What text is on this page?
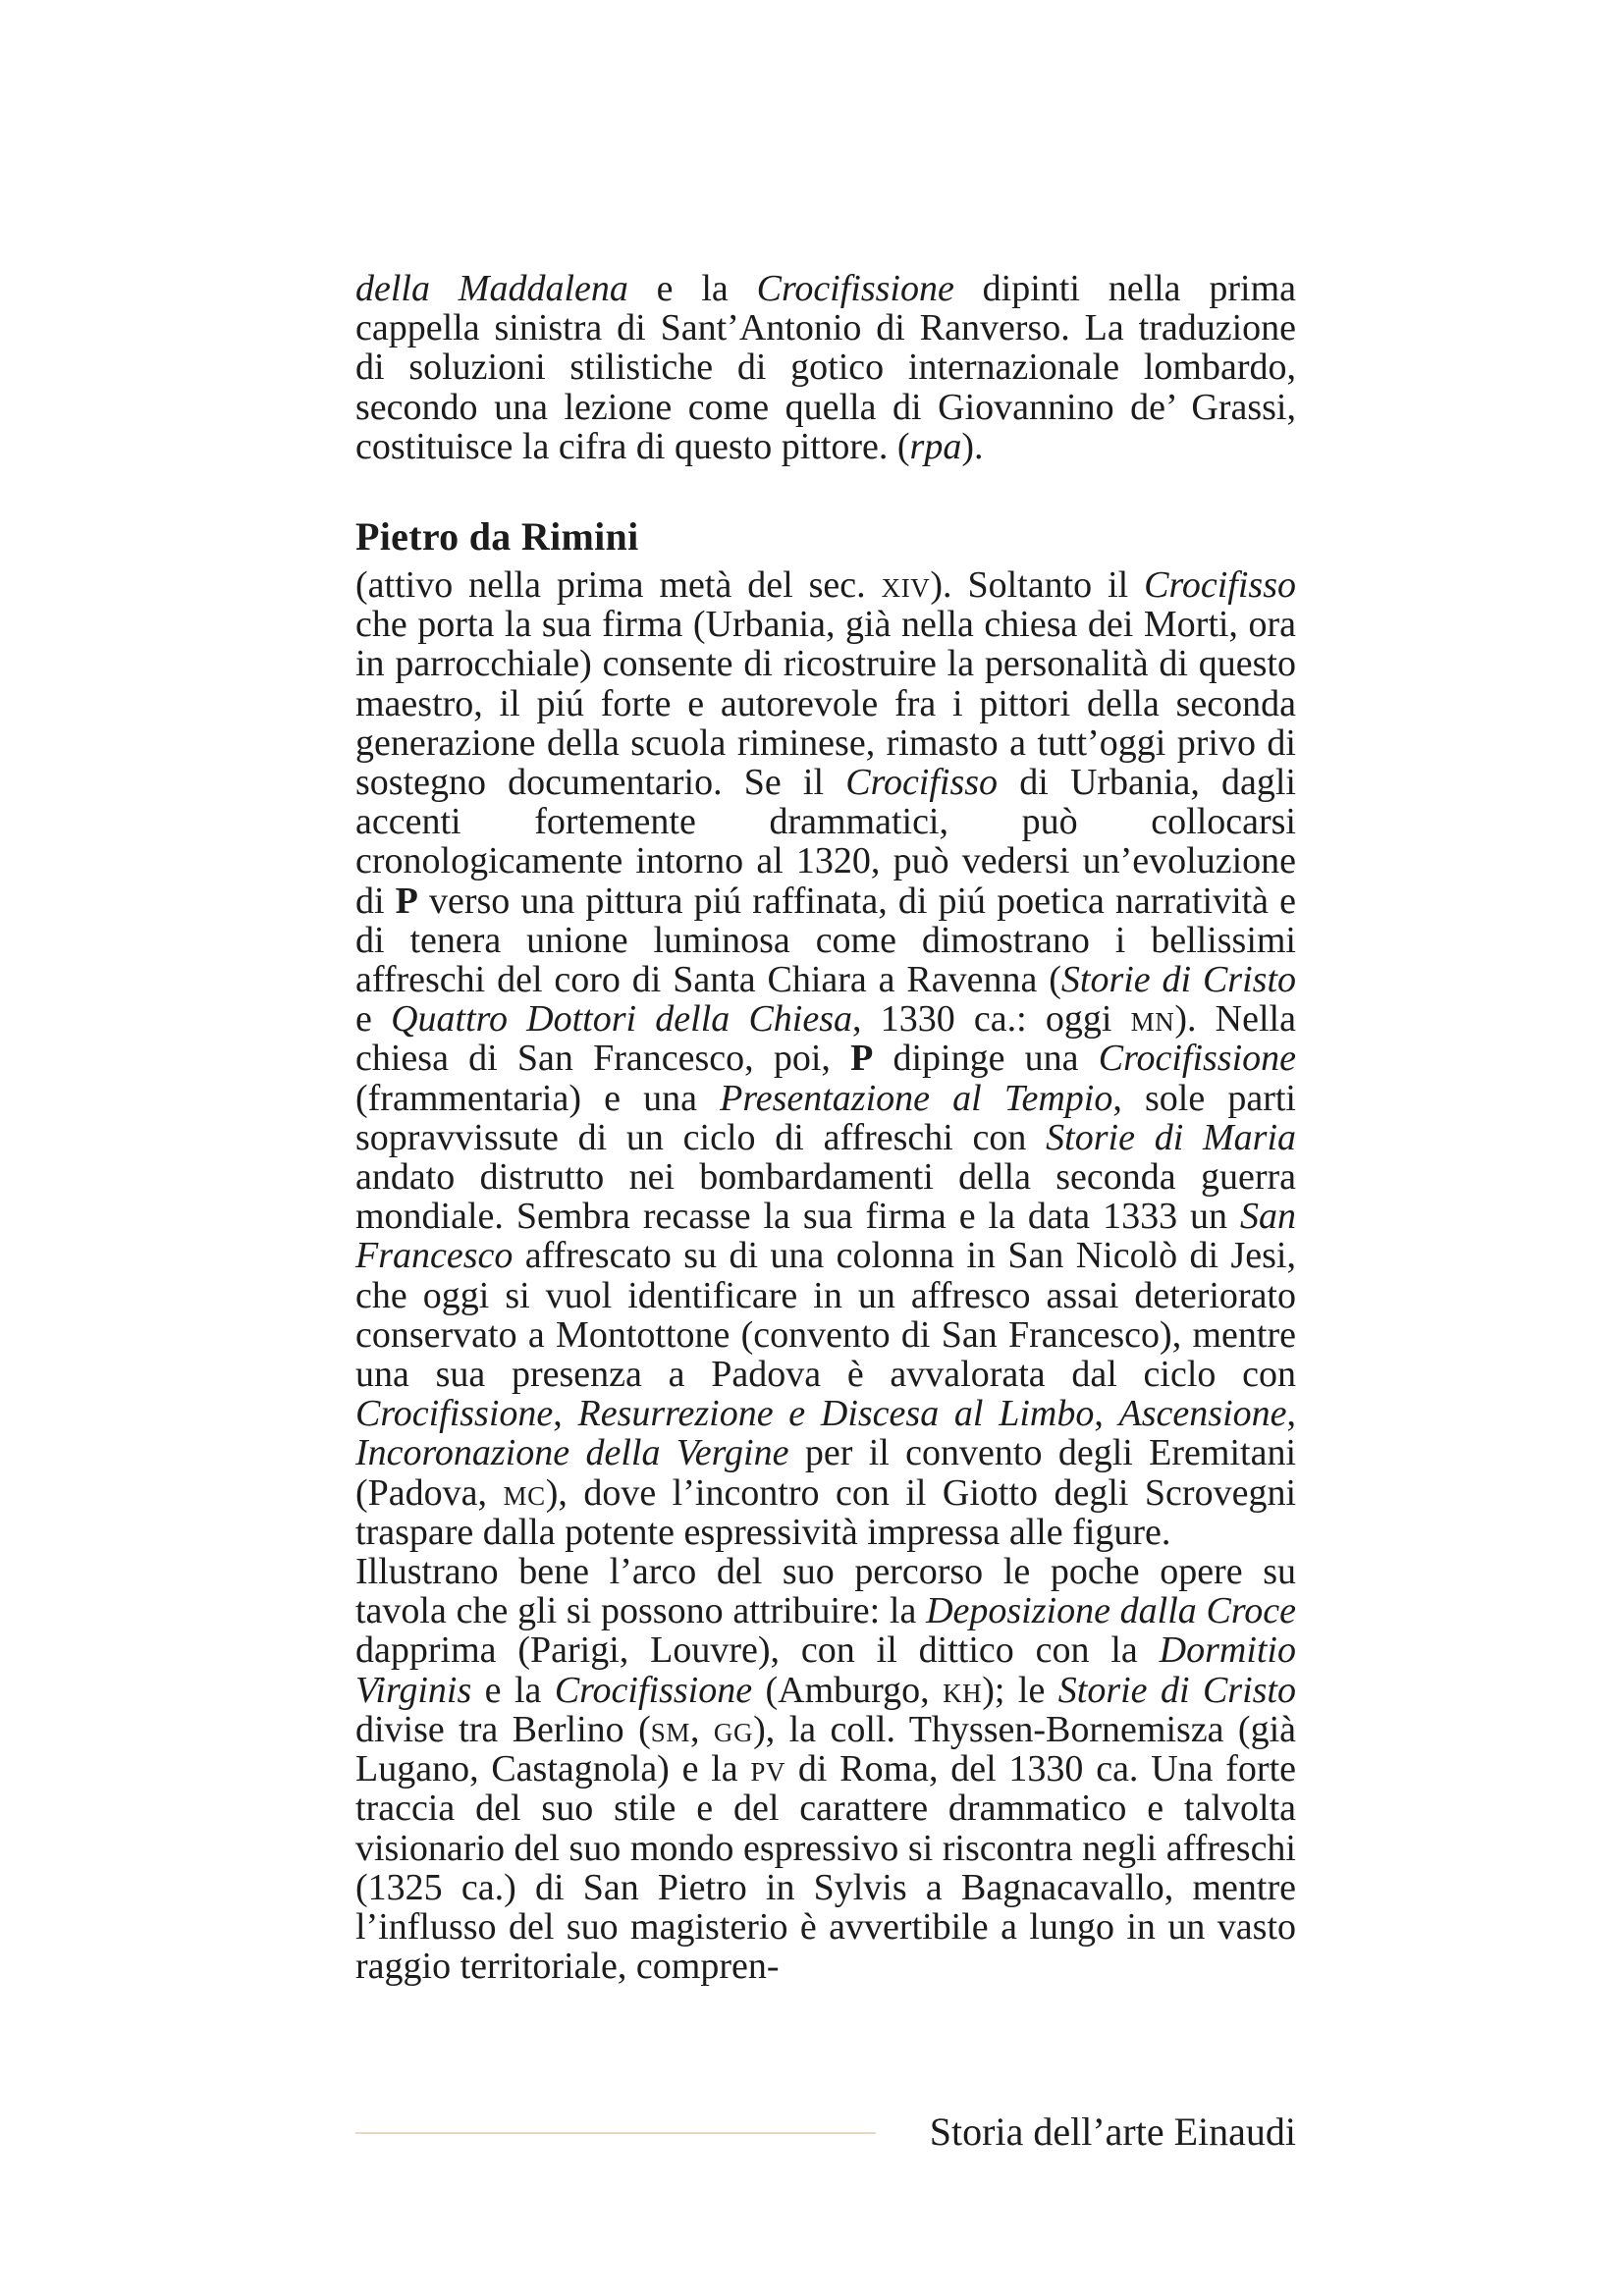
della Maddalena e la Crocifissione dipinti nella prima cappella sinistra di Sant’Antonio di Ranverso. La traduzione di soluzioni stilistiche di gotico internazionale lombardo, secondo una lezione come quella di Giovannino de’ Grassi, costituisce la cifra di questo pittore. (rpa).

Pietro da Rimini

(attivo nella prima metà del sec. xiv). Soltanto il Crocifisso che porta la sua firma (Urbania, già nella chiesa dei Morti, ora in parrocchiale) consente di ricostruire la personalità di questo maestro, il piú forte e autorevole fra i pittori della seconda generazione della scuola riminese, rimasto a tutt’oggi privo di sostegno documentario. Se il Crocifisso di Urbania, dagli accenti fortemente drammatici, può collocarsi cronologicamente intorno al 1320, può vedersi un’evoluzione di P verso una pittura piú raffinata, di piú poetica narratività e di tenera unione luminosa come dimostrano i bellissimi affreschi del coro di Santa Chiara a Ravenna (Storie di Cristo e Quattro Dottori della Chiesa, 1330 ca.: oggi mn). Nella chiesa di San Francesco, poi, P dipinge una Crocifissione (frammentaria) e una Presentazione al Tempio, sole parti sopravvissute di un ciclo di affreschi con Storie di Maria andato distrutto nei bombardamenti della seconda guerra mondiale. Sembra recasse la sua firma e la data 1333 un San Francesco affrescato su di una colonna in San Nicolò di Jesi, che oggi si vuol identificare in un affresco assai deteriorato conservato a Montottone (convento di San Francesco), mentre una sua presenza a Padova è avvalorata dal ciclo con Crocifissione, Resurrezione e Discesa al Limbo, Ascensione, Incoronazione della Vergine per il convento degli Eremitani (Padova, mc), dove l’incontro con il Giotto degli Scrovegni traspare dalla potente espressività impressa alle figure.

Illustrano bene l’arco del suo percorso le poche opere su tavola che gli si possono attribuire: la Deposizione dalla Croce dapprima (Parigi, Louvre), con il dittico con la Dormitio Virginis e la Crocifissione (Amburgo, kh); le Storie di Cristo divise tra Berlino (sm, gg), la coll. Thyssen-Bornemisza (già Lugano, Castagnola) e la pv di Roma, del 1330 ca. Una forte traccia del suo stile e del carattere drammatico e talvolta visionario del suo mondo espressivo si riscontra negli affreschi (1325 ca.) di San Pietro in Sylvis a Bagnacavallo, mentre l’influsso del suo magisterio è avvertibile a lungo in un vasto raggio territoriale, compren-

Storia dell’arte Einaudi
